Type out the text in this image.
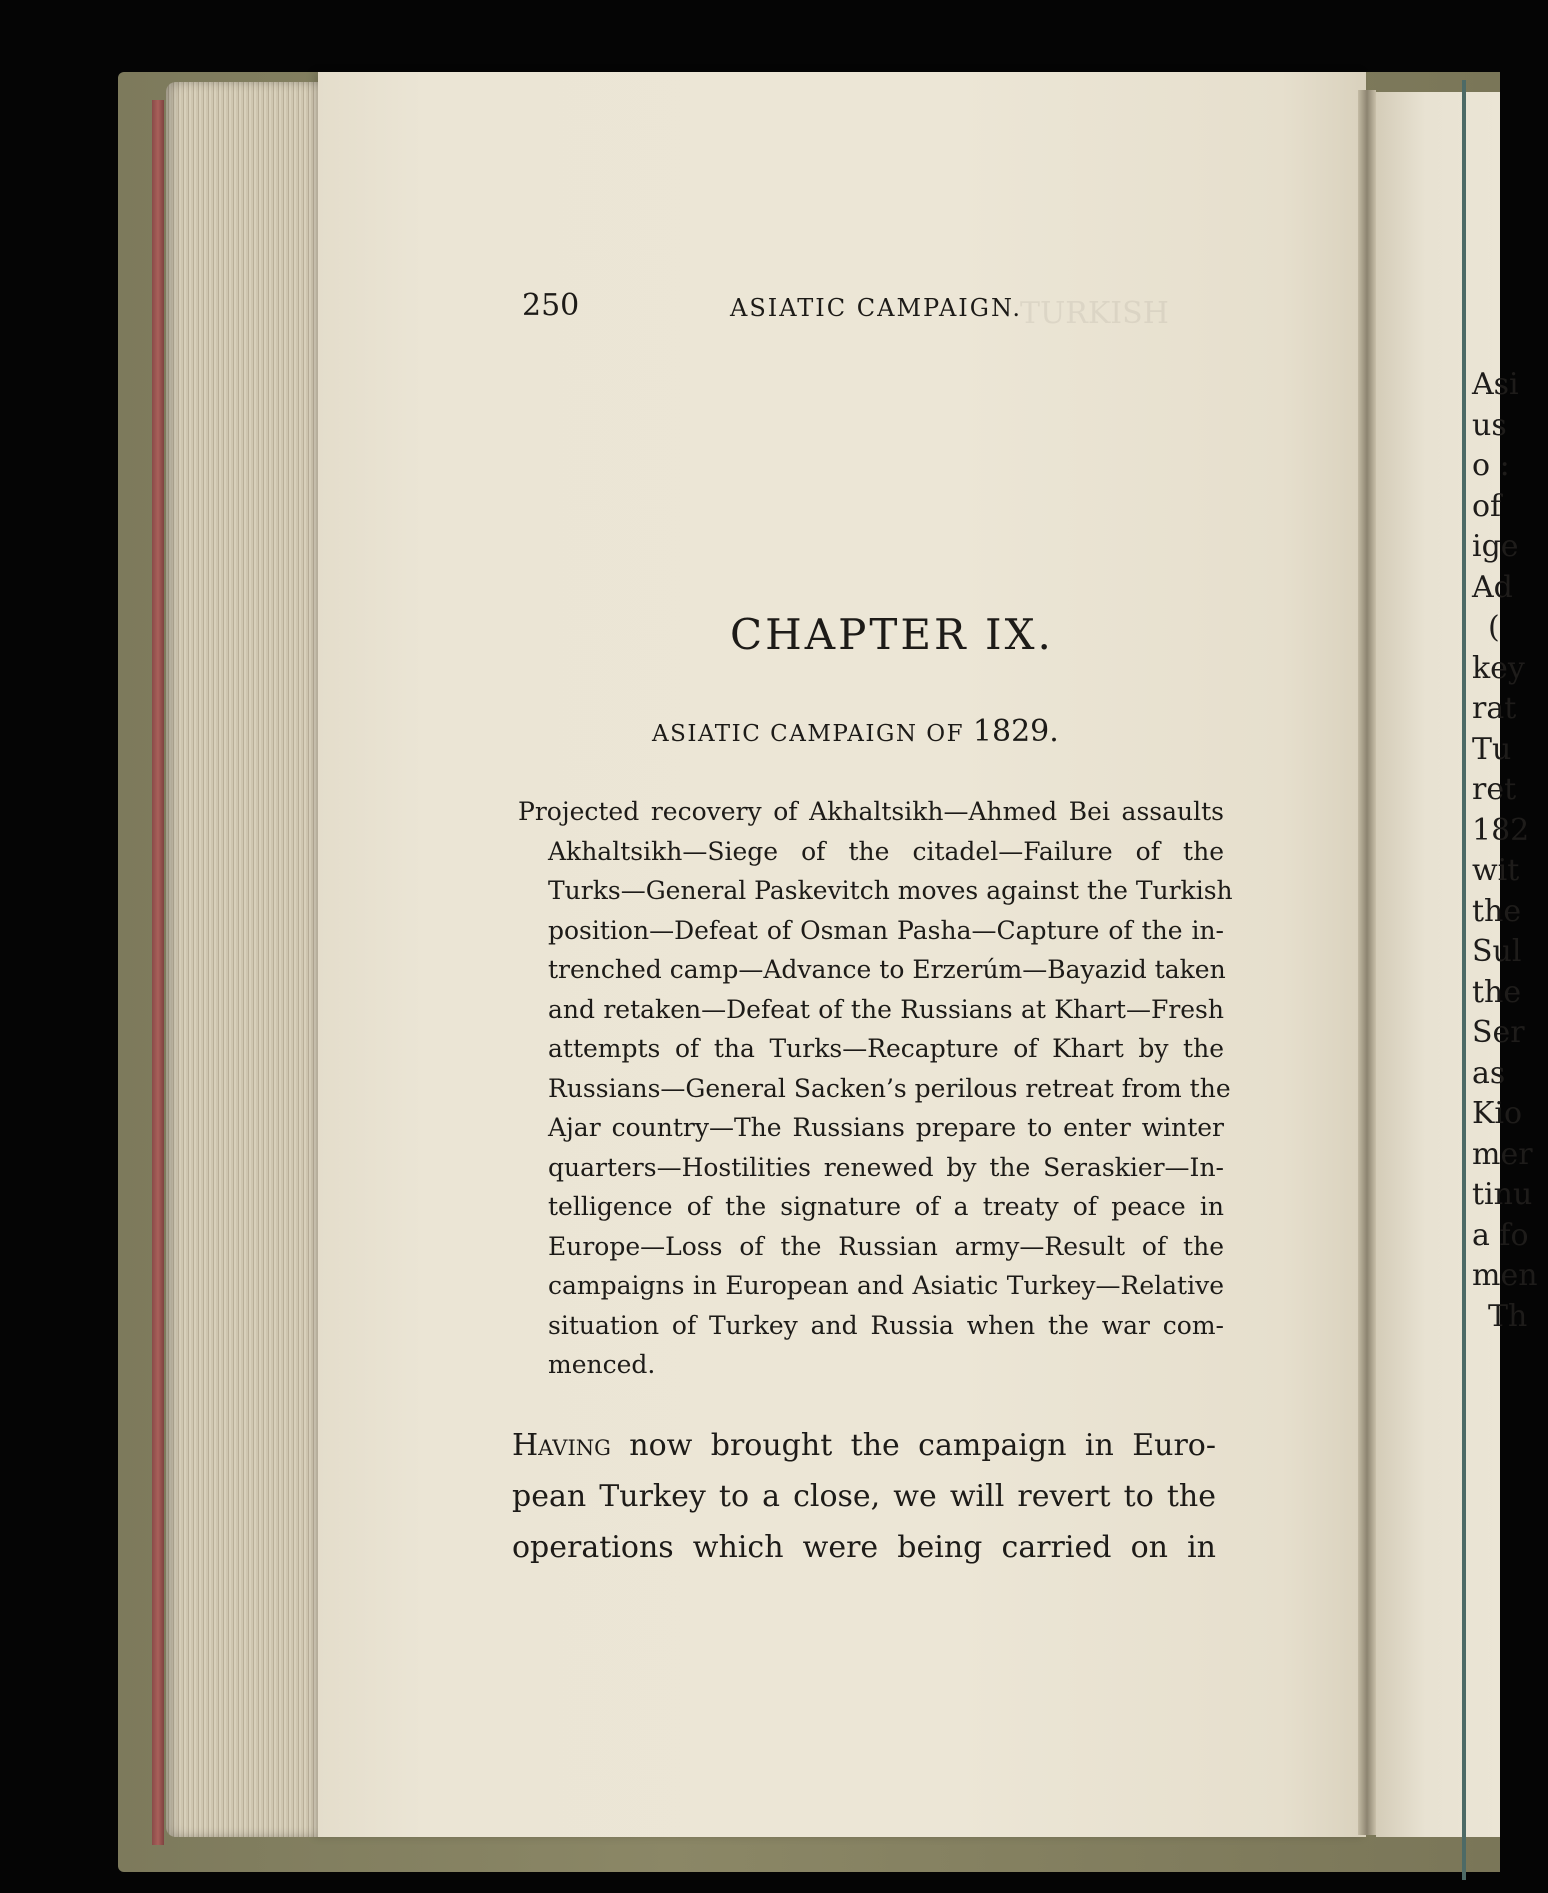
TURKISH
250	ASIATIC CAMPAIGN.
CHAPTER IX.
ASIATIC CAMPAIGN OF 1829.
Projected recovery of Akhaltsikh—Ahmed Bei assaults
Akhaltsikh—Siege of the citadel—Failure of the
Turks—General Paskevitch moves against the Turkish
position—Defeat of Osman Pasha—Capture of the in-
trenched camp—Advance to Erzerúm—Bayazid taken
and retaken—Defeat of the Russians at Khart—Fresh
attempts of tha Turks—Recapture of Khart by the
Russians—General Sacken’s perilous retreat from the
Ajar country—The Russians prepare to enter winter
quarters—Hostilities renewed by the Seraskier—In-
telligence of the signature of a treaty of peace in
Europe—Loss of the Russian army—Result of the
campaigns in European and Asiatic Turkey—Relative
situation of Turkey and Russia when the war com-
menced.
Having now brought the campaign in Euro-
pean Turkey to a close, we will revert to the
operations which were being carried on in
Asi
us
o :
of
ige
Ad
(
key
rat
Tu
ret
182
wit
the
Sul
the
Ser
as
Kio
mer
tinu
a fo
men
Th
